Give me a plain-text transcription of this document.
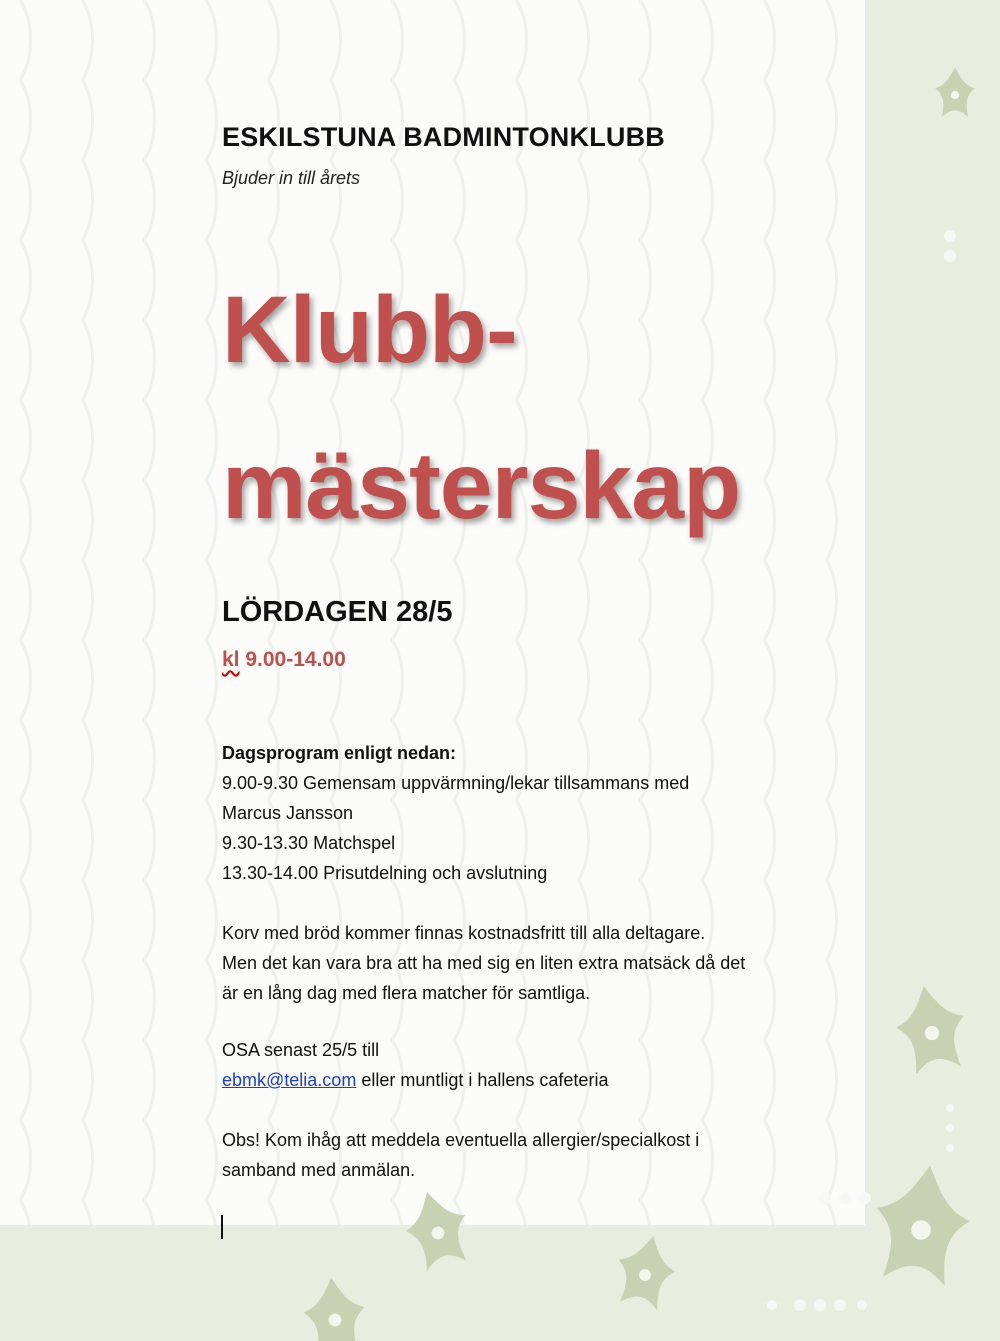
ESKILSTUNA BADMINTONKLUBB
Bjuder in till årets
Klubb-
mästerskap
LÖRDAGEN 28/5
kl 9.00-14.00
Dagsprogram enligt nedan:
9.00-9.30 Gemensam uppvärmning/lekar tillsammans med
Marcus Jansson
9.30-13.30 Matchspel
13.30-14.00 Prisutdelning och avslutning
Korv med bröd kommer finnas kostnadsfritt till alla deltagare.
Men det kan vara bra att ha med sig en liten extra matsäck då det
är en lång dag med flera matcher för samtliga.
OSA senast 25/5 till
ebmk@telia.com eller muntligt i hallens cafeteria
Obs! Kom ihåg att meddela eventuella allergier/specialkost i
samband med anmälan.
